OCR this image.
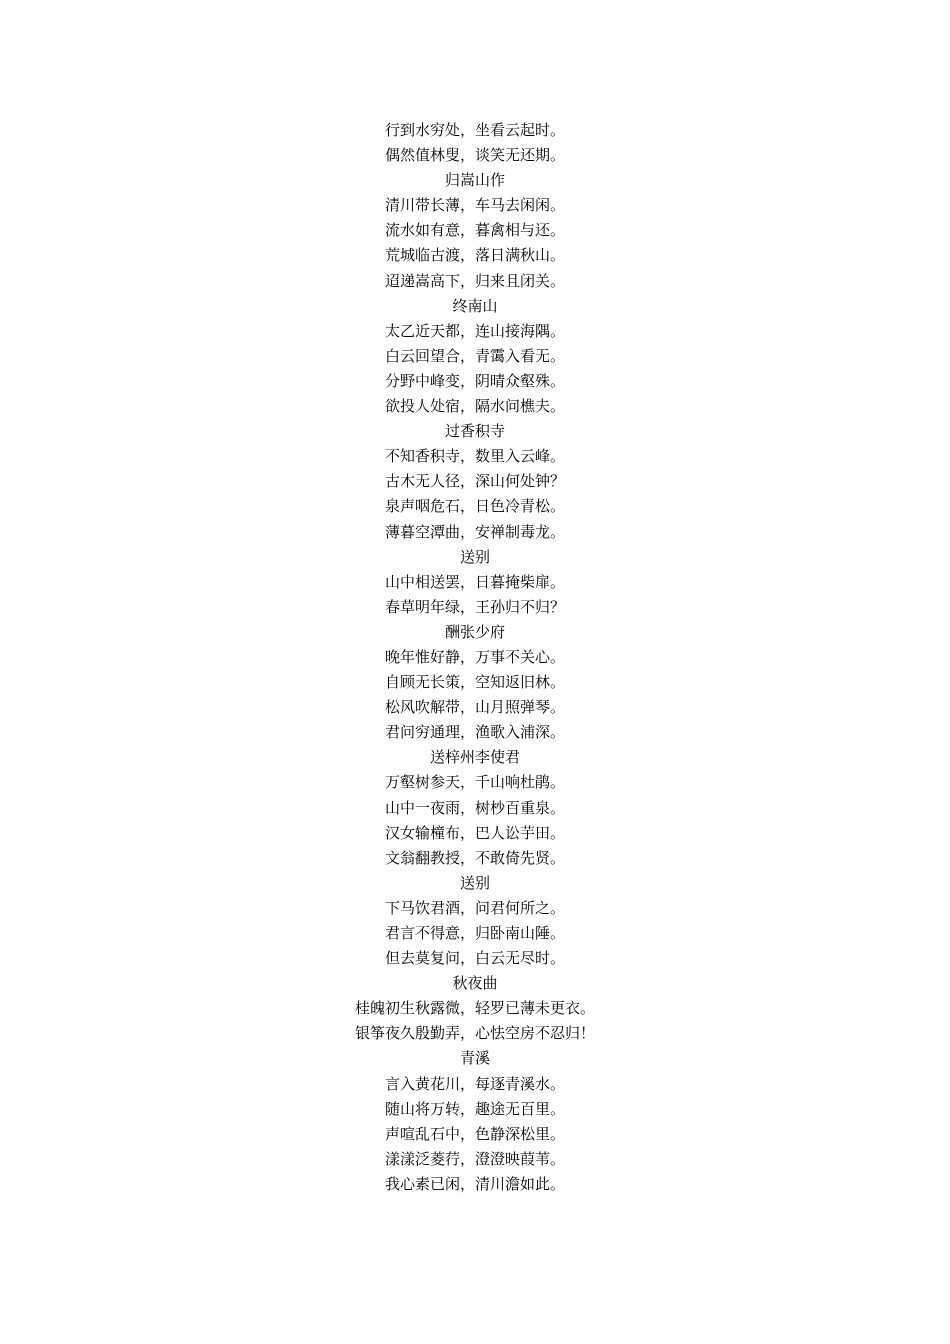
行到水穷处，坐看云起时。
偶然值林叟，谈笑无还期。
归嵩山作
清川带长薄，车马去闲闲。
流水如有意，暮禽相与还。
荒城临古渡，落日满秋山。
迢递嵩高下，归来且闭关。
终南山
太乙近天都，连山接海隅。
白云回望合，青霭入看无。
分野中峰变，阴晴众壑殊。
欲投人处宿，隔水问樵夫。
过香积寺
不知香积寺，数里入云峰。
古木无人径，深山何处钟？
泉声咽危石，日色冷青松。
薄暮空潭曲，安禅制毒龙。
送别
山中相送罢，日暮掩柴扉。
春草明年绿，王孙归不归？
酬张少府
晚年惟好静，万事不关心。
自顾无长策，空知返旧林。
松风吹解带，山月照弹琴。
君问穷通理，渔歌入浦深。
送梓州李使君
万壑树参天，千山响杜鹃。
山中一夜雨，树杪百重泉。
汉女输橦布，巴人讼芋田。
文翁翻教授，不敢倚先贤。
送别
下马饮君酒，问君何所之。
君言不得意，归卧南山陲。
但去莫复问，白云无尽时。
秋夜曲
桂魄初生秋露微，轻罗已薄未更衣。
银筝夜久殷勤弄，心怯空房不忍归！
青溪
言入黄花川，每逐青溪水。
随山将万转，趣途无百里。
声喧乱石中，色静深松里。
漾漾泛菱荇，澄澄映葭苇。
我心素已闲，清川澹如此。
